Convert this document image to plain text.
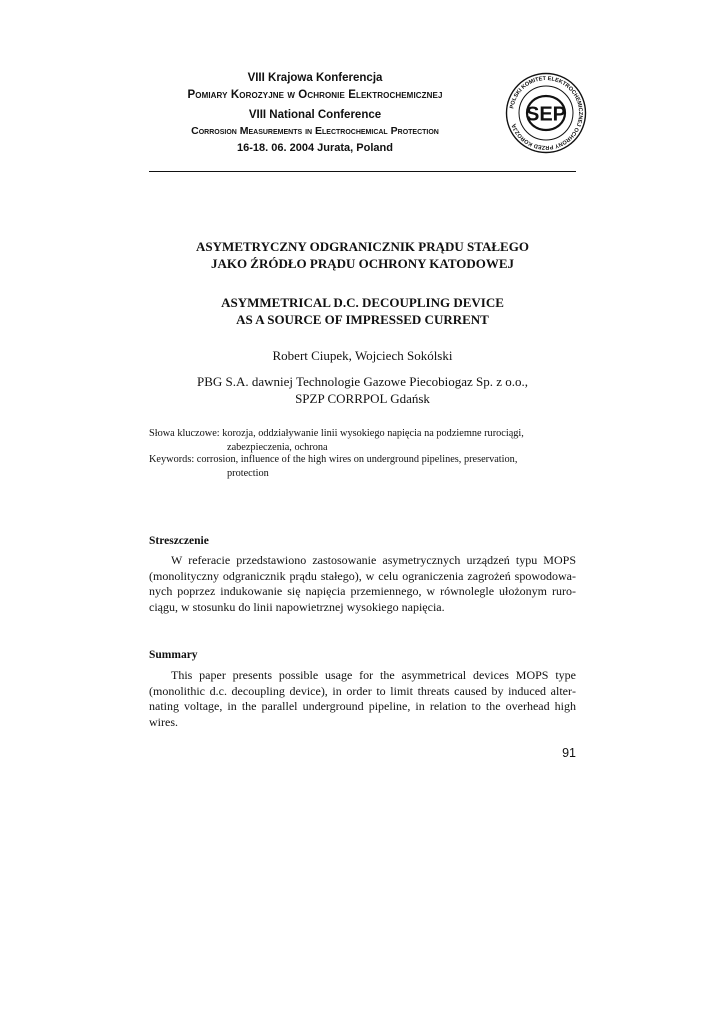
VIII Krajowa Konferencja
Pomiary Korozyjne w Ochronie Elektrochemicznej
VIII National Conference
Corrosion Measurements in Electrochemical Protection
16-18. 06. 2004 Jurata, Poland
POLSKI KOMITET ELEKTROCHEMICZNEJ OCHRONY PRZED KOROZJĄ
SEP
ASYMETRYCZNY ODGRANICZNIK PRĄDU STAŁEGO
JAKO ŹRÓDŁO PRĄDU OCHRONY KATODOWEJ
ASYMMETRICAL D.C. DECOUPLING DEVICE
AS A SOURCE OF IMPRESSED CURRENT
Robert Ciupek, Wojciech Sokólski
PBG S.A. dawniej Technologie Gazowe Piecobiogaz Sp. z o.o.,
SPZP CORRPOL Gdańsk
Słowa kluczowe: korozja, oddziaływanie linii wysokiego napięcia na podziemne rurociągi,
zabezpieczenia, ochrona
Keywords: corrosion, influence of the high wires on underground pipelines, preservation,
protection
Streszczenie
W referacie przedstawiono zastosowanie asymetrycznych urządzeń typu MOPS (monolityczny odgranicznik prądu stałego), w celu ograniczenia zagrożeń spowodowanych poprzez indukowanie się napięcia przemiennego, w równolegle ułożonym rurociągu, w stosunku do linii napowietrznej wysokiego napięcia.
Summary
This paper presents possible usage for the asymmetrical devices MOPS type (monolithic d.c. decoupling device), in order to limit threats caused by induced alternating voltage, in the parallel underground pipeline, in relation to the overhead high wires.
91
